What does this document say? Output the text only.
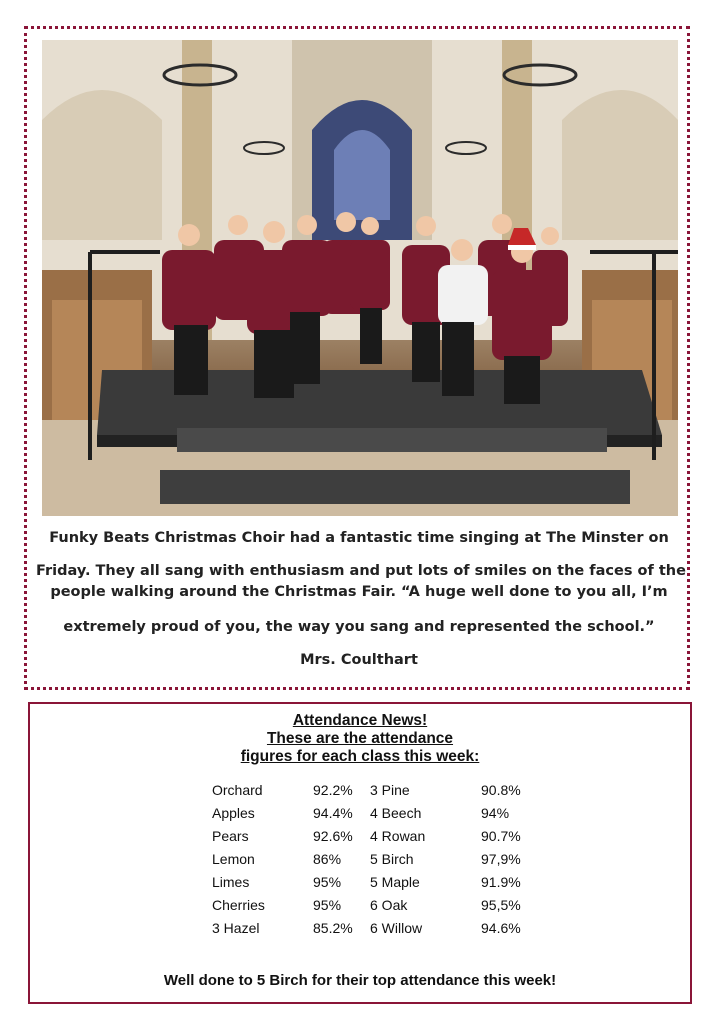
Funky Beats Christmas Choir had a fantastic time singing at The Minster on
Friday. They all sang with enthusiasm and put lots of smiles on the faces of the
people walking around the Christmas Fair. “A huge well done to you all, I’m
extremely proud of you, the way you sang and represented the school.”
Mrs. Coulthart

Attendance News!
These are the attendance
figures for each class this week:
Orchard	92.2%	3 Pine	90.8%
Apples	94.4%	4 Beech	94%
Pears	92.6%	4 Rowan	90.7%
Lemon	86%	5 Birch	97,9%
Limes	95%	5 Maple	91.9%
Cherries	95%	6 Oak	95,5%
3 Hazel	85.2%	6 Willow	94.6%
Well done to 5 Birch for their top attendance this week!
